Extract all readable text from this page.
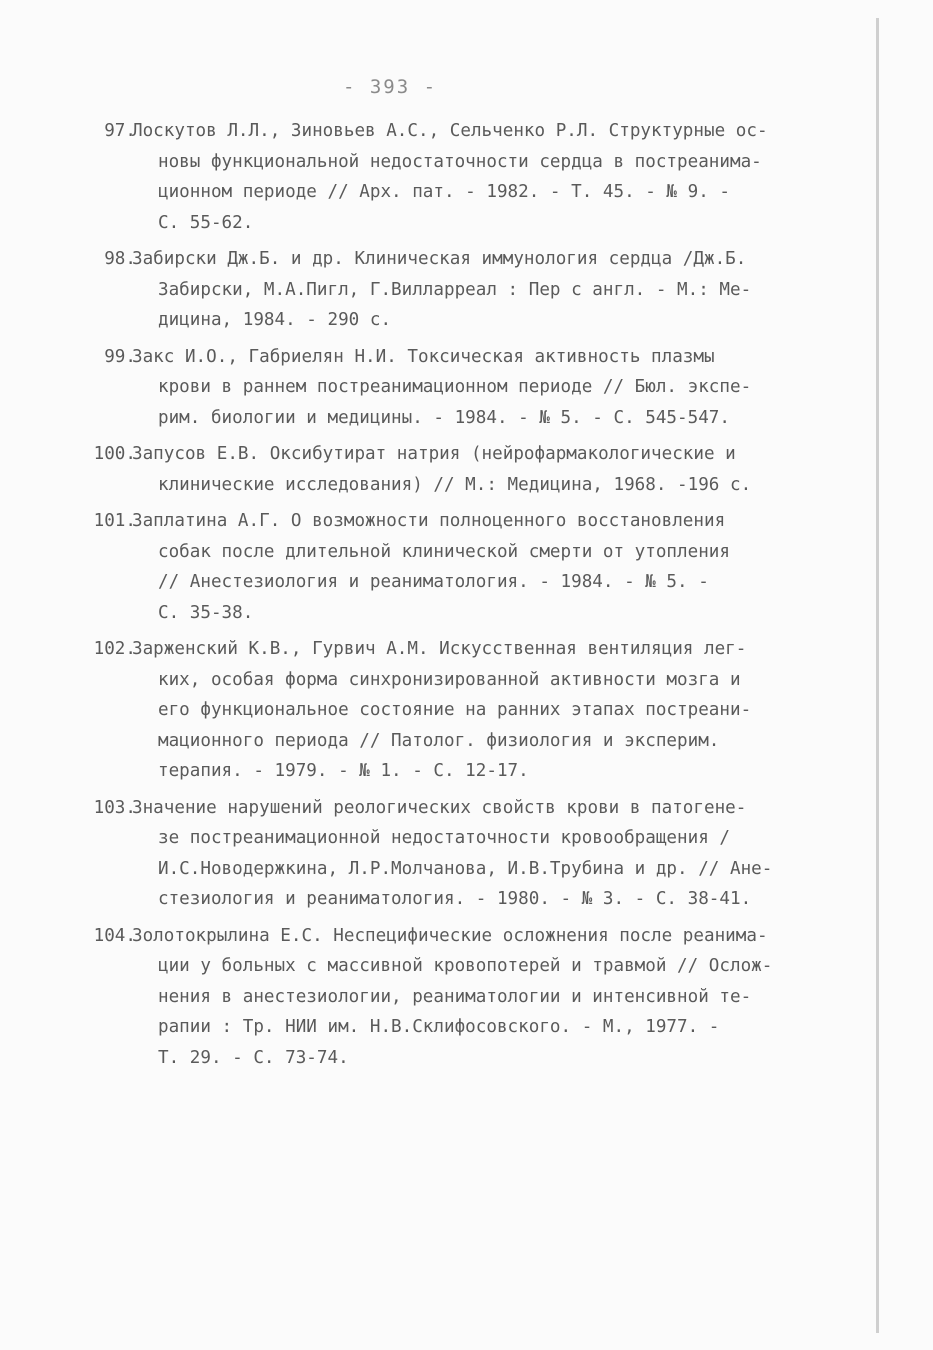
- 393 -
97.
Лоскутов Л.Л., Зиновьев А.С., Сельченко Р.Л. Структурные ос-
новы функциональной недостаточности сердца в постреанима-
ционном периоде // Арх. пат. - 1982. - Т. 45. - № 9. -
С. 55-62.
98.
Забирски Дж.Б. и др. Клиническая иммунология сердца /Дж.Б.
Забирски, М.А.Пигл, Г.Вилларреал : Пер с англ. - М.: Ме-
дицина, 1984. - 290 с.
99.
Закс И.О., Габриелян Н.И. Токсическая активность плазмы
крови в раннем постреанимационном периоде // Бюл. экспе-
рим. биологии и медицины. - 1984. - № 5. - С. 545-547.
100.
Запусов Е.В. Оксибутират натрия (нейрофармакологические и
клинические исследования) // М.: Медицина, 1968. -196 с.
101.
Заплатина А.Г. О возможности полноценного восстановления
собак после длительной клинической смерти от утопления
// Анестезиология и реаниматология. - 1984. - № 5. -
С. 35-38.
102.
Зарженский К.В., Гурвич А.М. Искусственная вентиляция лег-
ких, особая форма синхронизированной активности мозга и
его функциональное состояние на ранних этапах постреани-
мационного периода // Патолог. физиология и эксперим.
терапия. - 1979. - № 1. - С. 12-17.
103.
Значение нарушений реологических свойств крови в патогене-
зе постреанимационной недостаточности кровообращения /
И.С.Новодержкина, Л.Р.Молчанова, И.В.Трубина и др. // Ане-
стезиология и реаниматология. - 1980. - № 3. - С. 38-41.
104.
Золотокрылина Е.С. Неспецифические осложнения после реанима-
ции у больных с массивной кровопотерей и травмой // Ослож-
нения в анестезиологии, реаниматологии и интенсивной те-
рапии : Тр. НИИ им. Н.В.Склифосовского. - М., 1977. -
Т. 29. - С. 73-74.
